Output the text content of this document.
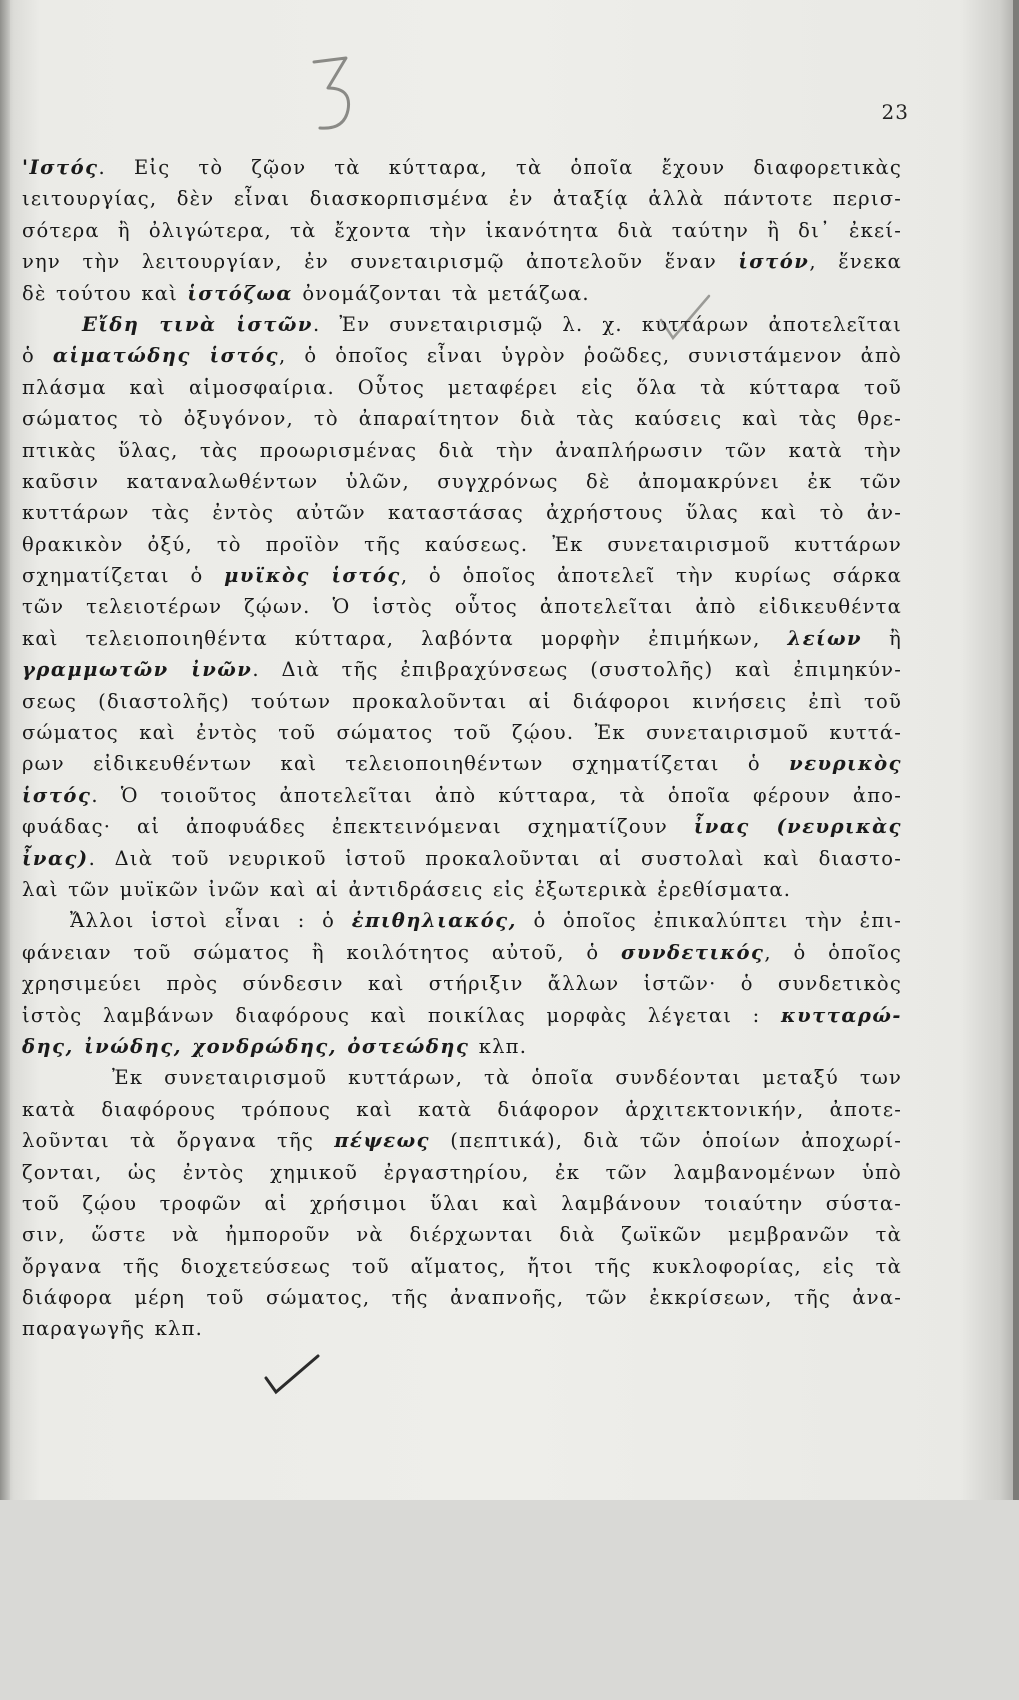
23
'Ιστός. Εἰς τὸ ζῷον τὰ κύτταρα, τὰ ὁποῖα ἔχουν διαφορετικὰς
ιειτουργίας, δὲν εἶναι διασκορπισμένα ἐν ἀταξίᾳ ἀλλὰ πάντοτε περισ-
σότερα ἢ ὀλιγώτερα, τὰ ἔχοντα τὴν ἱκανότητα διὰ ταύτην ἢ δι᾿ ἐκεί-
νην τὴν λειτουργίαν, ἐν συνεταιρισμῷ ἀποτελοῦν ἕναν ἱστόν, ἕνεκα
δὲ τούτου καὶ ἱστόζωα ὀνομάζονται τὰ μετάζωα.
Εἴδη τινὰ ἱστῶν. Ἐν συνεταιρισμῷ λ. χ. κυττάρων ἀποτελεῖται
ὁ αἱματώδης ἱστός, ὁ ὁποῖος εἶναι ὑγρὸν ῥοῶδες, συνιστάμενον ἀπὸ
πλάσμα καὶ αἱμοσφαίρια. Οὗτος μεταφέρει εἰς ὅλα τὰ κύτταρα τοῦ
σώματος τὸ ὀξυγόνον, τὸ ἀπαραίτητον διὰ τὰς καύσεις καὶ τὰς θρε-
πτικὰς ὕλας, τὰς προωρισμένας διὰ τὴν ἀναπλήρωσιν τῶν κατὰ τὴν
καῦσιν καταναλωθέντων ὑλῶν, συγχρόνως δὲ ἀπομακρύνει ἐκ τῶν
κυττάρων τὰς ἐντὸς αὐτῶν καταστάσας ἀχρήστους ὕλας καὶ τὸ ἀν-
θρακικὸν ὀξύ, τὸ προϊὸν τῆς καύσεως. Ἐκ συνεταιρισμοῦ κυττάρων
σχηματίζεται ὁ μυϊκὸς ἱστός, ὁ ὁποῖος ἀποτελεῖ τὴν κυρίως σάρκα
τῶν τελειοτέρων ζῴων. Ὁ ἱστὸς οὗτος ἀποτελεῖται ἀπὸ εἰδικευθέντα
καὶ τελειοποιηθέντα κύτταρα, λαβόντα μορφὴν ἐπιμήκων, λείων ἢ
γραμμωτῶν ἰνῶν. Διὰ τῆς ἐπιβραχύνσεως (συστολῆς) καὶ ἐπιμηκύν-
σεως (διαστολῆς) τούτων προκαλοῦνται αἱ διάφοροι κινήσεις ἐπὶ τοῦ
σώματος καὶ ἐντὸς τοῦ σώματος τοῦ ζῴου. Ἐκ συνεταιρισμοῦ κυττά-
ρων εἰδικευθέντων καὶ τελειοποιηθέντων σχηματίζεται ὁ νευρικὸς
ἱστός. Ὁ τοιοῦτος ἀποτελεῖται ἀπὸ κύτταρα, τὰ ὁποῖα φέρουν ἀπο-
φυάδας· αἱ ἀποφυάδες ἐπεκτεινόμεναι σχηματίζουν ἶνας (νευρικὰς
ἶνας). Διὰ τοῦ νευρικοῦ ἱστοῦ προκαλοῦνται αἱ συστολαὶ καὶ διαστο-
λαὶ τῶν μυϊκῶν ἰνῶν καὶ αἱ ἀντιδράσεις εἰς ἐξωτερικὰ ἐρεθίσματα.
Ἄλλοι ἱστοὶ εἶναι : ὁ ἐπιθηλιακός, ὁ ὁποῖος ἐπικαλύπτει τὴν ἐπι-
φάνειαν τοῦ σώματος ἢ κοιλότητος αὐτοῦ, ὁ συνδετικός, ὁ ὁποῖος
χρησιμεύει πρὸς σύνδεσιν καὶ στήριξιν ἄλλων ἱστῶν· ὁ συνδετικὸς
ἱστὸς λαμβάνων διαφόρους καὶ ποικίλας μορφὰς λέγεται : κυτταρώ-
δης, ἰνώδης, χονδρώδης, ὀστεώδης κλπ.
Ἐκ συνεταιρισμοῦ κυττάρων, τὰ ὁποῖα συνδέονται μεταξύ των
κατὰ διαφόρους τρόπους καὶ κατὰ διάφορον ἀρχιτεκτονικήν, ἀποτε-
λοῦνται τὰ ὄργανα τῆς πέψεως (πεπτικά), διὰ τῶν ὁποίων ἀποχωρί-
ζονται, ὡς ἐντὸς χημικοῦ ἐργαστηρίου, ἐκ τῶν λαμβανομένων ὑπὸ
τοῦ ζῴου τροφῶν αἱ χρήσιμοι ὕλαι καὶ λαμβάνουν τοιαύτην σύστα-
σιν, ὥστε νὰ ἠμποροῦν νὰ διέρχωνται διὰ ζωϊκῶν μεμβρανῶν τὰ
ὄργανα τῆς διοχετεύσεως τοῦ αἵματος, ἤτοι τῆς κυκλοφορίας, εἰς τὰ
διάφορα μέρη τοῦ σώματος, τῆς ἀναπνοῆς, τῶν ἐκκρίσεων, τῆς ἀνα-
παραγωγῆς κλπ.
